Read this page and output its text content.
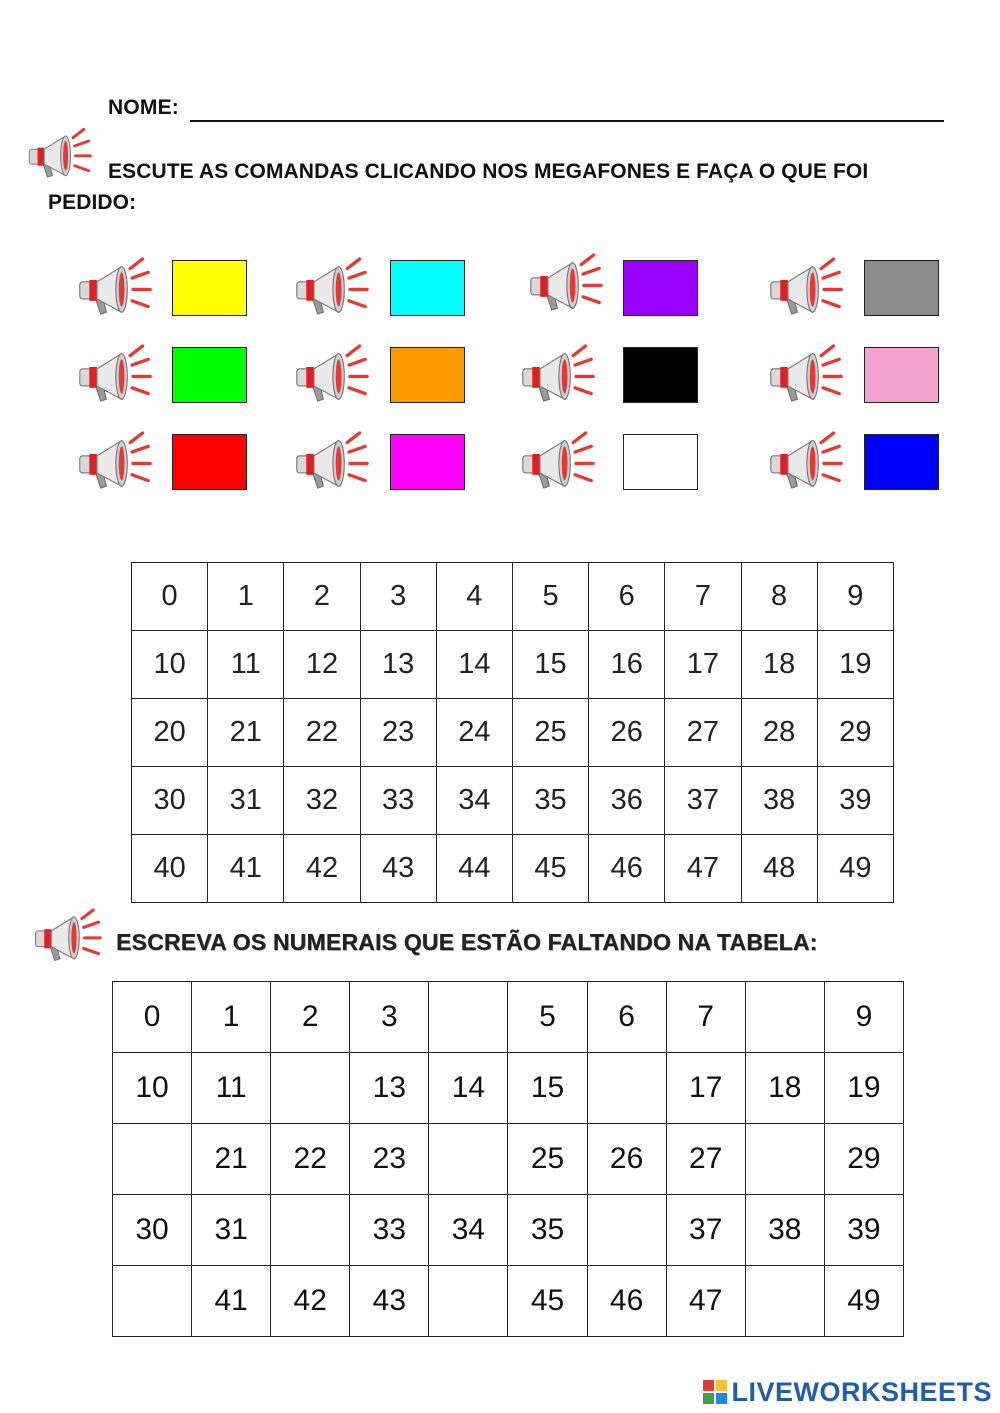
NOME:
ESCUTE AS COMANDAS CLICANDO NOS MEGAFONES E FAÇA O QUE FOI PEDIDO:
0	1	2	3	4	5	6	7	8	9
10	11	12	13	14	15	16	17	18	19
20	21	22	23	24	25	26	27	28	29
30	31	32	33	34	35	36	37	38	39
40	41	42	43	44	45	46	47	48	49
ESCREVA OS NUMERAIS QUE ESTÃO FALTANDO NA TABELA:
0	1	2	3		5	6	7		9
10	11		13	14	15		17	18	19
	21	22	23		25	26	27		29
30	31		33	34	35		37	38	39
	41	42	43		45	46	47		49
LIVEWORKSHEETS
